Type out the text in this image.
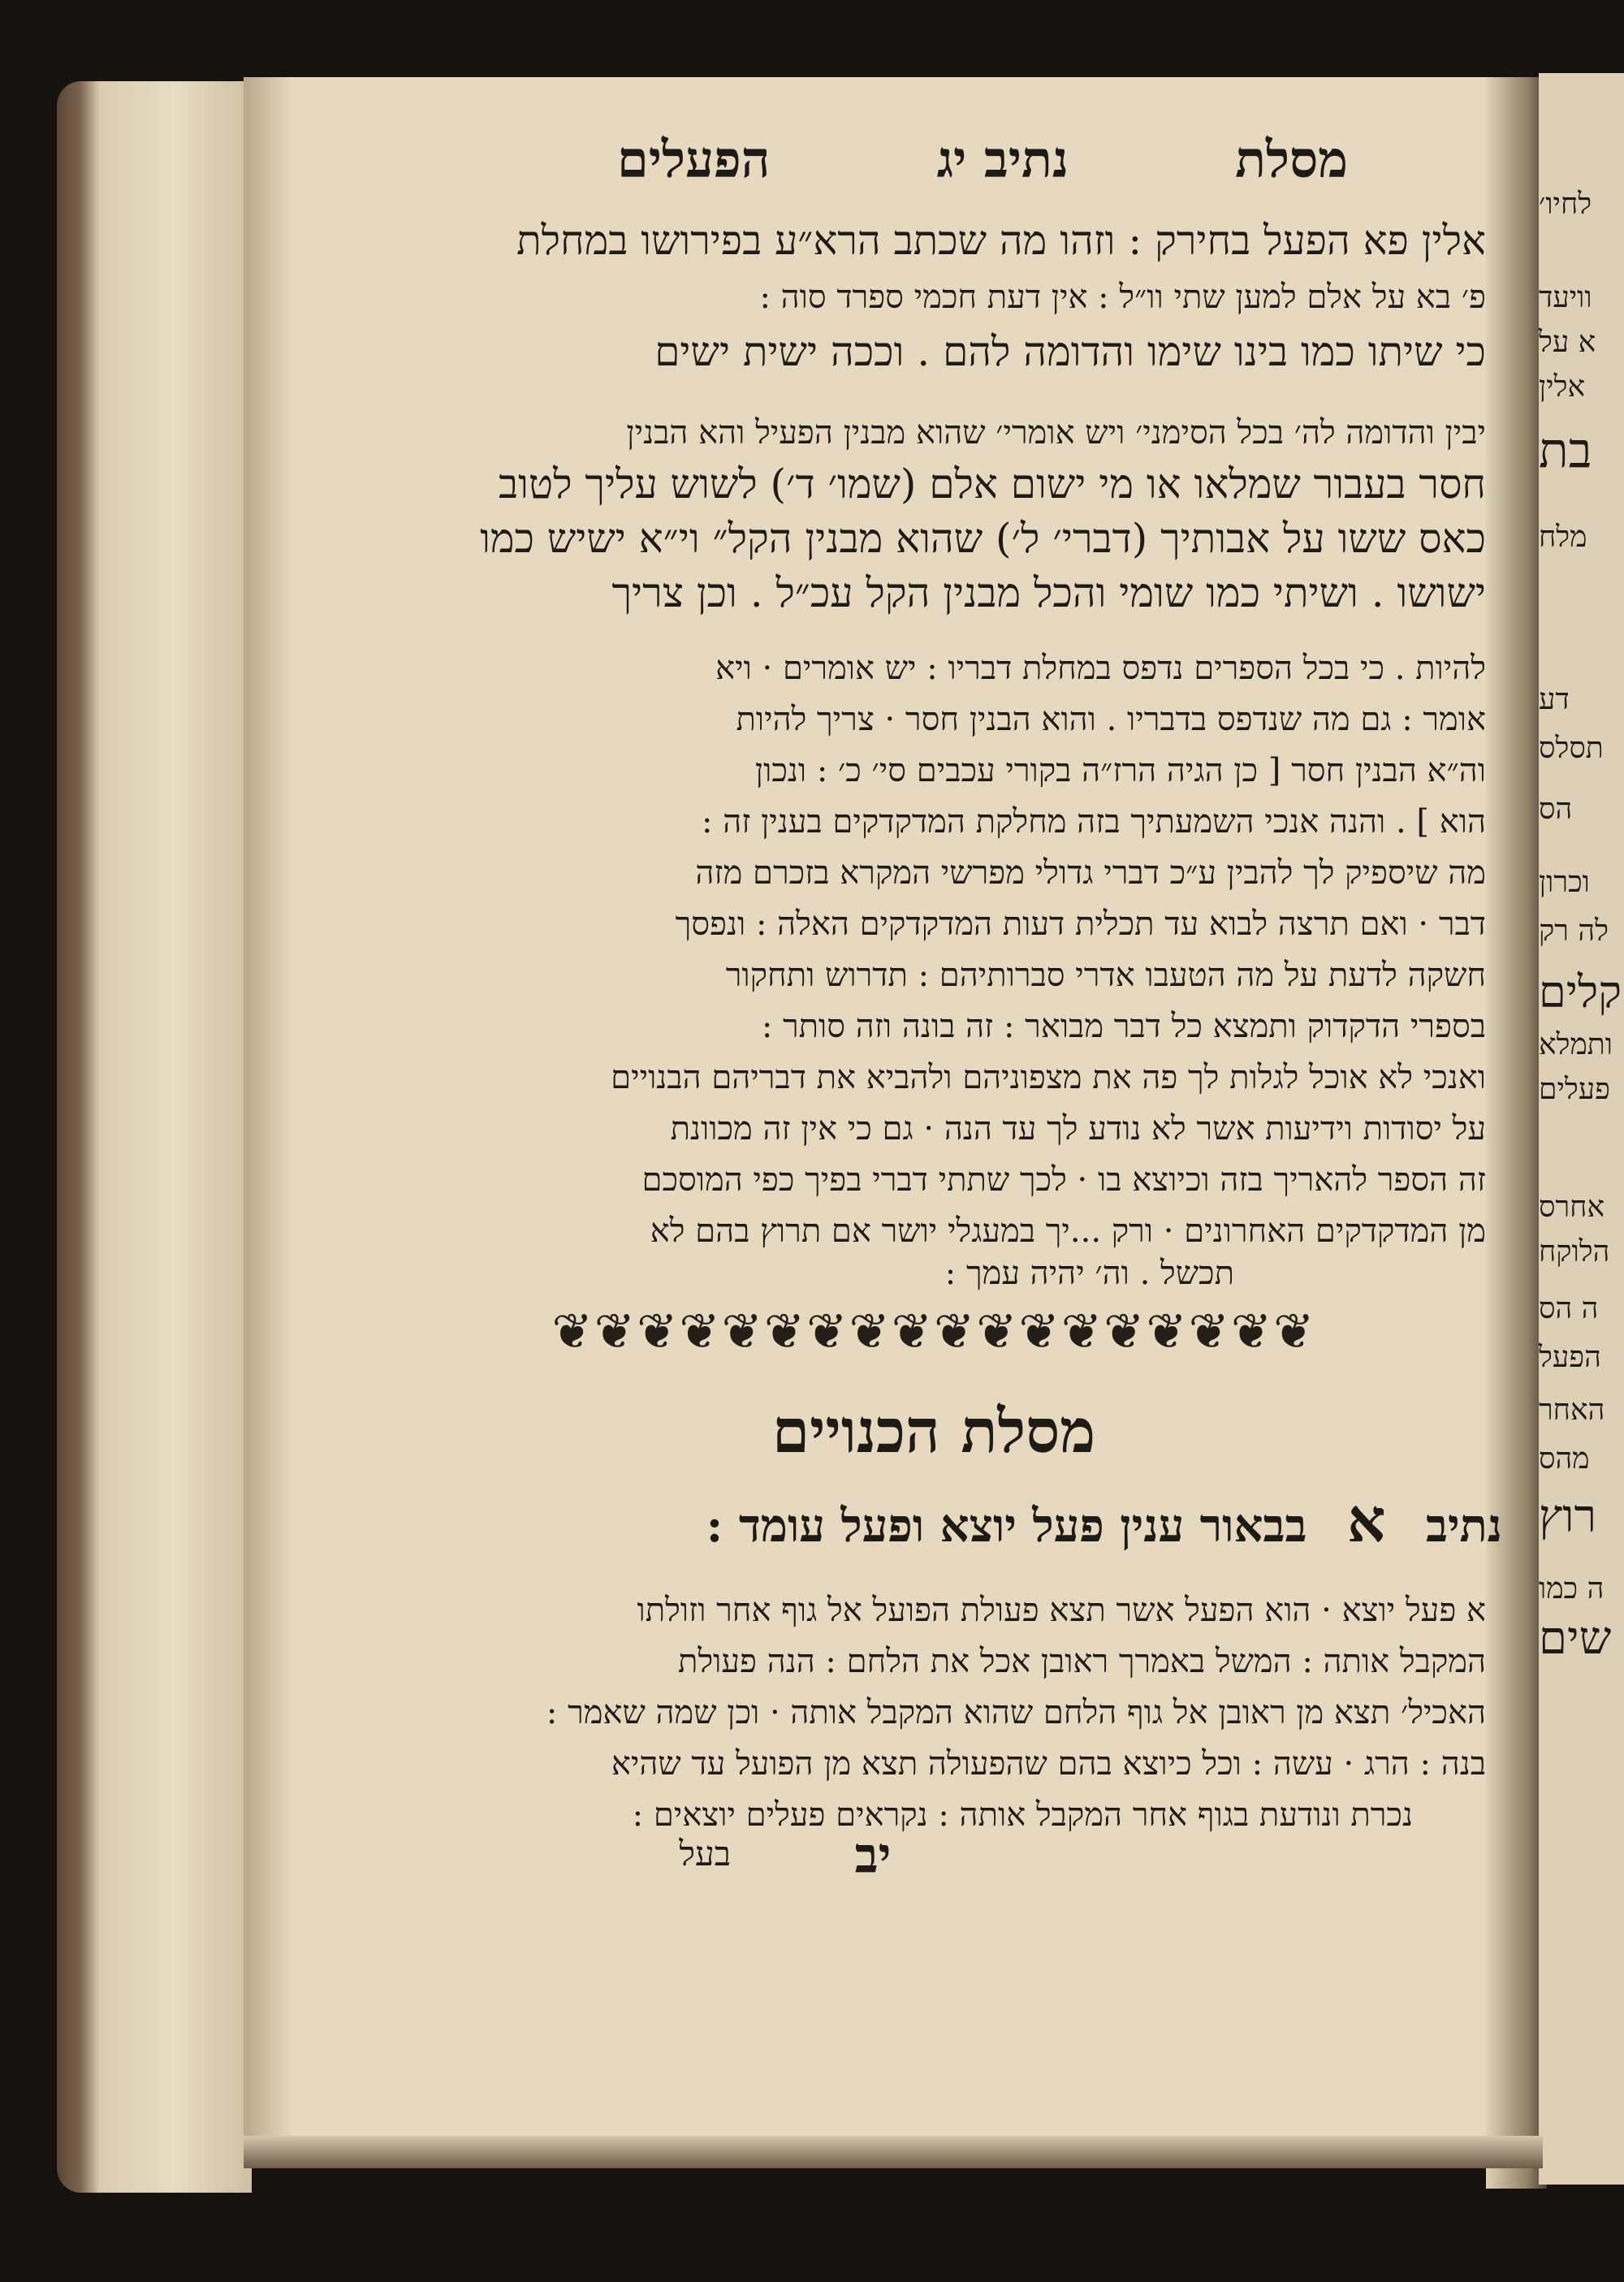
מסלת
נתיב יג
הפעלים
אלין פא הפעל בחירק : וזהו מה שכתב הרא״ע בפירושו במחלת
פ׳ בא על אלם למען שתי וו״ל : אין דעת חכמי ספרד סוה :
כי שיתו כמו בינו שימו והדומה להם . וככה ישית ישים
יבין והדומה לה׳ בכל הסימני׳ ויש אומרי׳ שהוא מבנין הפעיל והא הבנין
חסר בעבור שמלאו או מי ישום אלם (שמו׳ ד׳) לשוש עליך לטוב
כאס ששו על אבותיך (דברי׳ ל׳) שהוא מבנין הקל״ וי״א ישיש כמו
ישושו . ושיתי כמו שומי והכל מבנין הקל עכ״ל . וכן צריך
להיות . כי בכל הספרים נדפס במחלת דבריו : יש אומרים · ויא
אומר : גם מה שנדפס בדבריו . והוא הבנין חסר · צריך להיות
וה״א הבנין חסר [ כן הגיה הרז״ה בקורי עכבים סי׳ כ׳ : ונכון
הוא ] . והנה אנכי השמעתיך בזה מחלקת המדקדקים בענין זה :
מה שיספיק לך להבין ע״כ דברי גדולי מפרשי המקרא בזכרם מזה
דבר · ואם תרצה לבוא עד תכלית דעות המדקדקים האלה : ונפסך
חשקה לדעת על מה הטעבו אדרי סברותיהם : תדרוש ותחקור
בספרי הדקדוק ותמצא כל דבר מבואר : זה בונה וזה סותר :
ואנכי לא אוכל לגלות לך פה את מצפוניהם ולהביא את דבריהם הבנויים
על יסודות וידיעות אשר לא נודע לך עד הנה · גם כי אין זה מכוונת
זה הספר להאריך בזה וכיוצא בו · לכך שתתי דברי בפיך כפי המוסכם
מן המדקדקים האחרונים · ורק ...יך במעגלי יושר אם תרוץ בהם לא
תכשל . וה׳ יהיה עמך :
❦❦❦❦❦❦❦❦❦❦❦❦❦❦❦❦❦❦
מסלת הכנויים
נתיב א בבאור ענין פעל יוצא ופעל עומד :
א פעל יוצא · הוא הפעל אשר תצא פעולת הפועל אל גוף אחר וזולתו
המקבל אותה : המשל באמרך ראובן אכל את הלחם : הנה פעולת
האכיל׳ תצא מן ראובן אל גוף הלחם שהוא המקבל אותה · וכן שמה שאמר :
בנה : הרג · עשה : וכל כיוצא בהם שהפעולה תצא מן הפועל עד שהיא
נכרת ונודעת בגוף אחר המקבל אותה : נקראים פעלים יוצאים :
יב
בעל
לחיו׳
וויעד
א על
אלין
בת
מלח
דע
תסלס
הס
וכרון
לה רק
קלים
ותמלא
פעלים
אחרס
הלוקח
ה הס
הפעל
האחר
מהס
רוץ
ה כמו
שים
